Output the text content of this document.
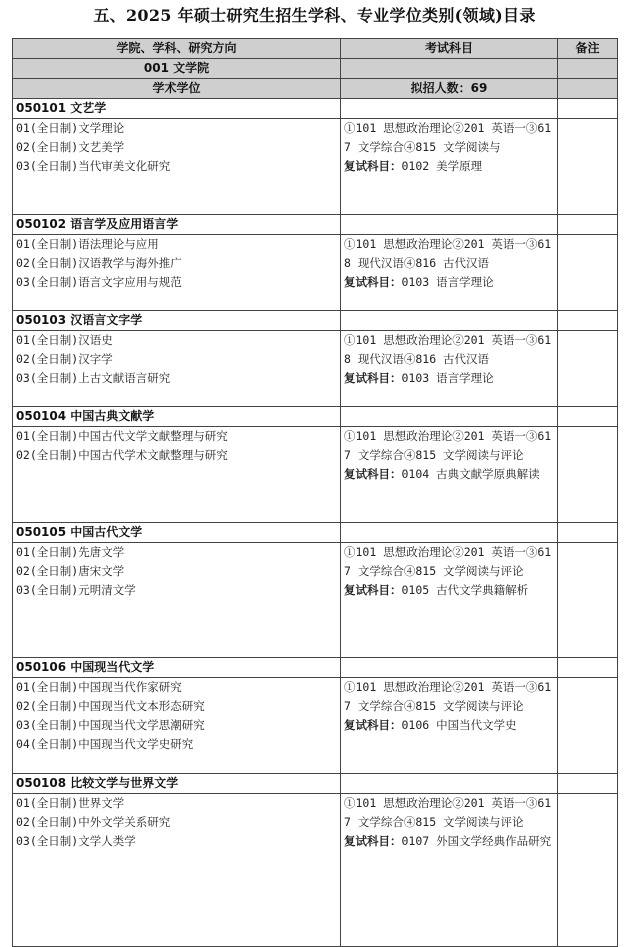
五、2025 年硕士研究生招生学科、专业学位类别(领域)目录
学院、学科、研究方向	考试科目	备注
001 文学院		
学术学位	拟招人数：69	
050101 文艺学		

01(全日制)文学理论
02(全日制)文艺美学
03(全日制)当代审美文化研究	①101 思想政治理论②201 英语一③617 文学综合④815 文学阅读与
复试科目：0102 美学原理	

050102 语言学及应用语言学		

01(全日制)语法理论与应用
02(全日制)汉语教学与海外推广
03(全日制)语言文字应用与规范	①101 思想政治理论②201 英语一③618 现代汉语④816 古代汉语
复试科目：0103 语言学理论	

050103 汉语言文字学		

01(全日制)汉语史
02(全日制)汉字学
03(全日制)上古文献语言研究	①101 思想政治理论②201 英语一③618 现代汉语④816 古代汉语
复试科目：0103 语言学理论	

050104 中国古典文献学		

01(全日制)中国古代文学文献整理与研究
02(全日制)中国古代学术文献整理与研究	①101 思想政治理论②201 英语一③617 文学综合④815 文学阅读与评论
复试科目：0104 古典文献学原典解读	

050105 中国古代文学		

01(全日制)先唐文学
02(全日制)唐宋文学
03(全日制)元明清文学	①101 思想政治理论②201 英语一③617 文学综合④815 文学阅读与评论
复试科目：0105 古代文学典籍解析	

050106 中国现当代文学		

01(全日制)中国现当代作家研究
02(全日制)中国现当代文本形态研究
03(全日制)中国现当代文学思潮研究
04(全日制)中国现当代文学史研究	①101 思想政治理论②201 英语一③617 文学综合④815 文学阅读与评论
复试科目：0106 中国当代文学史	

050108 比较文学与世界文学		

01(全日制)世界文学
02(全日制)中外文学关系研究
03(全日制)文学人类学	①101 思想政治理论②201 英语一③617 文学综合④815 文学阅读与评论
复试科目：0107 外国文学经典作品研究	
